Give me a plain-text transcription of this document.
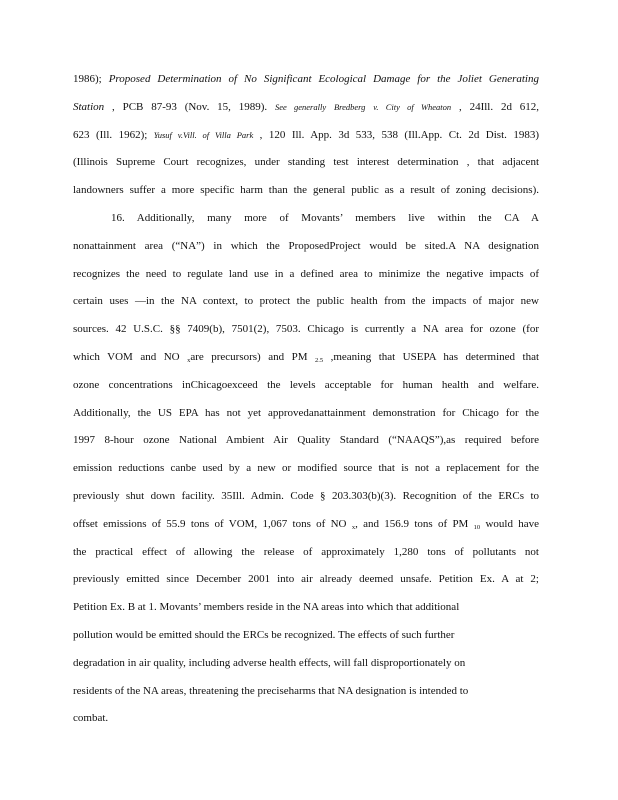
1986); Proposed Determination of No Significant Ecological Damage for the Joliet Generating
Station , PCB 87-93 (Nov. 15, 1989). See generally Bredberg v. City of Wheaton , 24Ill. 2d 612,
623 (Ill. 1962); Yusuf v.Vill. of Villa Park , 120 Ill. App. 3d 533, 538 (Ill.App. Ct. 2d Dist. 1983)
(Illinois Supreme Court recognizes, under standing test interest determination , that adjacent
landowners suffer a more specific harm than the general public as a result of zoning decisions).
16. Additionally, many more of Movants’ members live within the CA A
nonattainment area (“NA”) in which the ProposedProject would be sited.A NA designation
recognizes the need to regulate land use in a defined area to minimize the negative impacts of
certain uses —in the NA context, to protect the public health from the impacts of major new
sources. 42 U.S.C. §§ 7409(b), 7501(2), 7503. Chicago is currently a NA area for ozone (for
which VOM and NO $_x$are precursors) and PM $_{2.5}$ ,meaning that USEPA has determined that
ozone concentrations inChicagoexceed the levels acceptable for human health and welfare.
Additionally, the US EPA has not yet approvedanattainment demonstration for Chicago for the
1997 8-hour ozone National Ambient Air Quality Standard (“NAAQS”),as required before
emission reductions canbe used by a new or modified source that is not a replacement for the
previously shut down facility. 35Ill. Admin. Code § 203.303(b)(3). Recognition of the ERCs to
offset emissions of 55.9 tons of VOM, 1,067 tons of NO $_x$, and 156.9 tons of PM $_{10}$ would have
the practical effect of allowing the release of approximately 1,280 tons of pollutants not
previously emitted since December 2001 into air already deemed unsafe. Petition Ex. A at 2;
Petition Ex. B at 1. Movants’ members reside in the NA areas into which that additional
pollution would be emitted should the ERCs be recognized. The effects of such further
degradation in air quality, including adverse health effects, will fall disproportionately on
residents of the NA areas, threatening the preciseharms that NA designation is intended to
combat.
